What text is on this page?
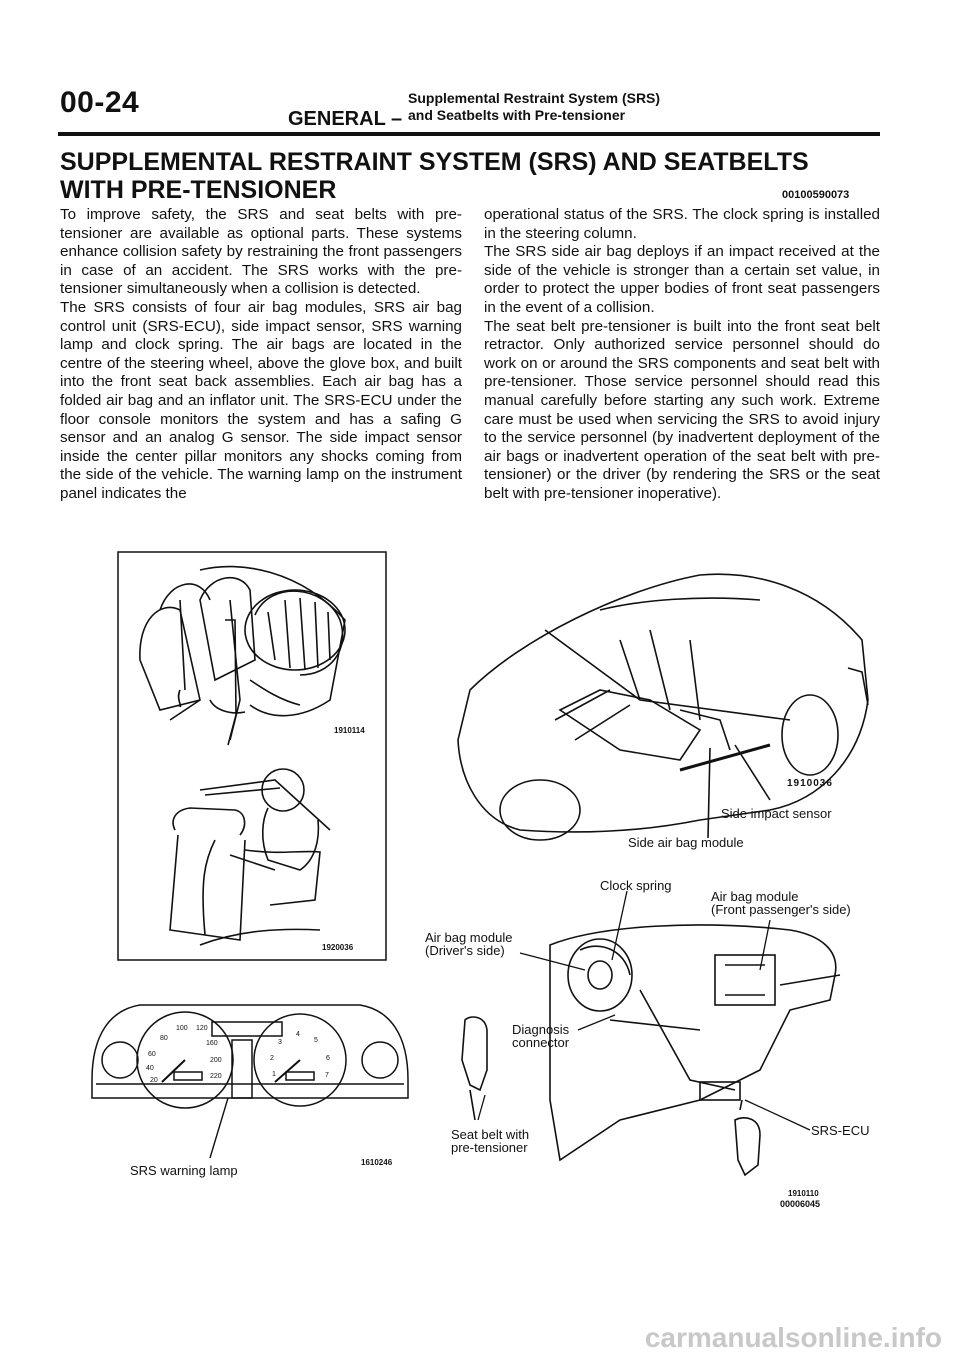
00-24	GENERAL –
Supplemental Restraint System (SRS)
and Seatbelts with Pre-tensioner
SUPPLEMENTAL RESTRAINT SYSTEM (SRS) AND SEATBELTS
WITH PRE-TENSIONER	00100590073

To improve safety, the SRS and seat belts with pre-tensioner are available as optional parts. These systems enhance collision safety by restraining the front passengers in case of an accident. The SRS works with the pre-tensioner simultaneously when a collision is detected.

The SRS consists of four air bag modules, SRS air bag control unit (SRS-ECU), side impact sensor, SRS warning lamp and clock spring. The air bags are located in the centre of the steering wheel, above the glove box, and built into the front seat back assemblies. Each air bag has a folded air bag and an inflator unit. The SRS-ECU under the floor console monitors the system and has a safing G sensor and an analog G sensor. The side impact sensor inside the center pillar monitors any shocks coming from the side of the vehicle. The warning lamp on the instrument panel indicates the

operational status of the SRS. The clock spring is installed in the steering column.

The SRS side air bag deploys if an impact received at the side of the vehicle is stronger than a certain set value, in order to protect the upper bodies of front seat passengers in the event of a collision.

The seat belt pre-tensioner is built into the front seat belt retractor. Only authorized service personnel should do work on or around the SRS components and seat belt with pre-tensioner. Those service personnel should read this manual carefully before starting any such work. Extreme care must be used when servicing the SRS to avoid injury to the service personnel (by inadvertent deployment of the air bags or inadvertent operation of the seat belt with pre-tensioner) or the driver (by rendering the SRS or the seat belt with pre-tensioner inoperative).

1910114
1920036
80
100 120
160
60
40
20
200
220
3
4
5
2	6
1	7
1610246
SRS warning lamp
1910036
Side impact sensor
Side air bag module
Clock spring
Air bag module
(Front passenger's side)
Air bag module
(Driver's side)
Diagnosis
connector
SRS-ECU
Seat belt with
pre-tensioner
1910110
00006045
carmanualsonline.info
